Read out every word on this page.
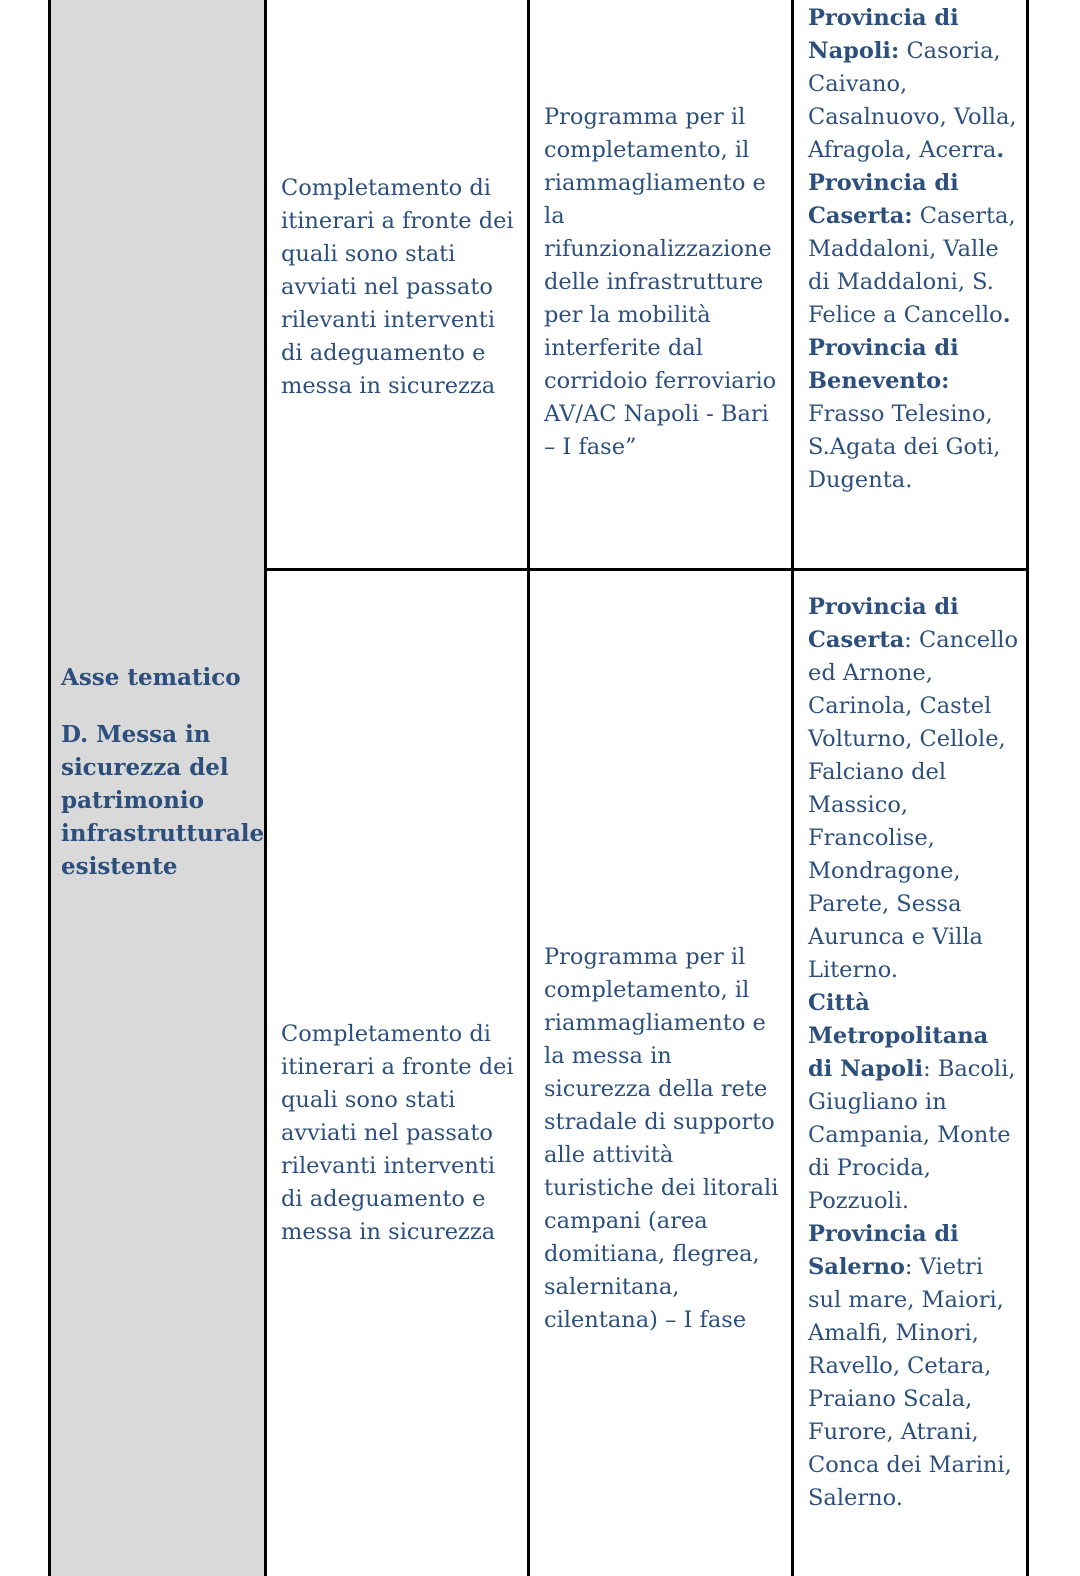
Asse tematico

D. Messa in sicurezza del patrimonio infrastrutturale esistente

Completamento di itinerari a fronte dei quali sono stati avviati nel passato rilevanti interventi di adeguamento e messa in sicurezza

Programma per il completamento, il riammagliamento e la rifunzionalizzazione delle infrastrutture per la mobilità interferite dal corridoio ferroviario AV/AC Napoli - Bari – I fase”

Provincia di Napoli: Casoria, Caivano, Casalnuovo, Volla, Afragola, Acerra.

Provincia di Caserta: Caserta, Maddaloni, Valle di Maddaloni, S. Felice a Cancello.

Provincia di Benevento: Frasso Telesino, S.Agata dei Goti, Dugenta.

Completamento di itinerari a fronte dei quali sono stati avviati nel passato rilevanti interventi di adeguamento e messa in sicurezza

Programma per il completamento, il riammagliamento e la messa in sicurezza della rete stradale di supporto alle attività turistiche dei litorali campani (area domitiana, flegrea, salernitana, cilentana) – I fase

Provincia di Caserta: Cancello ed Arnone, Carinola, Castel Volturno, Cellole, Falciano del Massico, Francolise, Mondragone, Parete, Sessa Aurunca e Villa Literno.

Città Metropolitana di Napoli: Bacoli, Giugliano in Campania, Monte di Procida, Pozzuoli.

Provincia di Salerno: Vietri sul mare, Maiori, Amalfi, Minori, Ravello, Cetara, Praiano Scala, Furore, Atrani, Conca dei Marini, Salerno.
